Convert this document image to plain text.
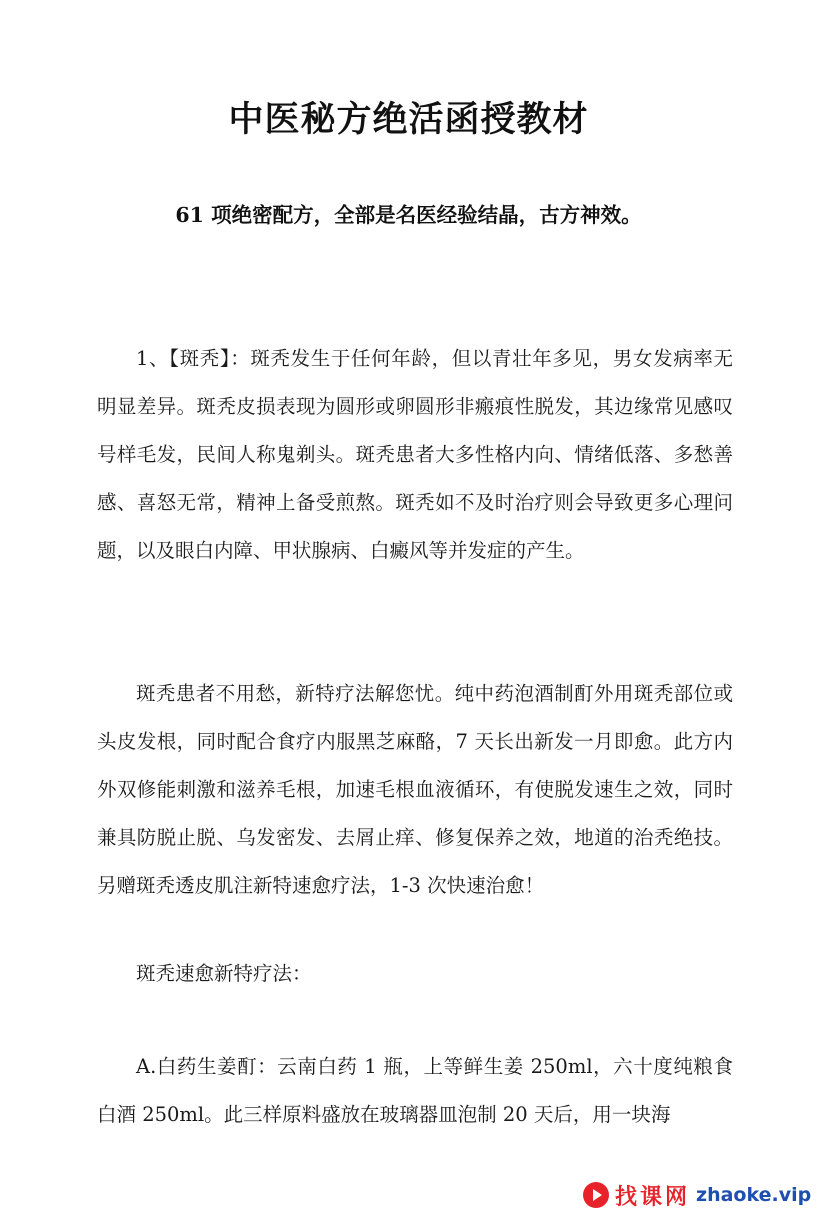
中医秘方绝活函授教材
61 项绝密配方，全部是名医经验结晶，古方神效。

1、【斑秃】：斑秃发生于任何年龄，但以青壮年多见，男女发病率无明显差异。斑秃皮损表现为圆形或卵圆形非瘢痕性脱发，其边缘常见感叹号样毛发，民间人称鬼剃头。斑秃患者大多性格内向、情绪低落、多愁善感、喜怒无常，精神上备受煎熬。斑秃如不及时治疗则会导致更多心理问题，以及眼白内障、甲状腺病、白癜风等并发症的产生。

斑秃患者不用愁，新特疗法解您忧。纯中药泡酒制酊外用斑秃部位或头皮发根，同时配合食疗内服黑芝麻酪，7 天长出新发一月即愈。此方内外双修能刺激和滋养毛根，加速毛根血液循环，有使脱发速生之效，同时兼具防脱止脱、乌发密发、去屑止痒、修复保养之效，地道的治秃绝技。另赠斑秃透皮肌注新特速愈疗法，1-3 次快速治愈！

斑秃速愈新特疗法：

A.白药生姜酊：云南白药 1 瓶，上等鲜生姜 250ml，六十度纯粮食白酒 250ml。此三样原料盛放在玻璃器皿泡制 20 天后，用一块海

找课网 zhaoke.vip
